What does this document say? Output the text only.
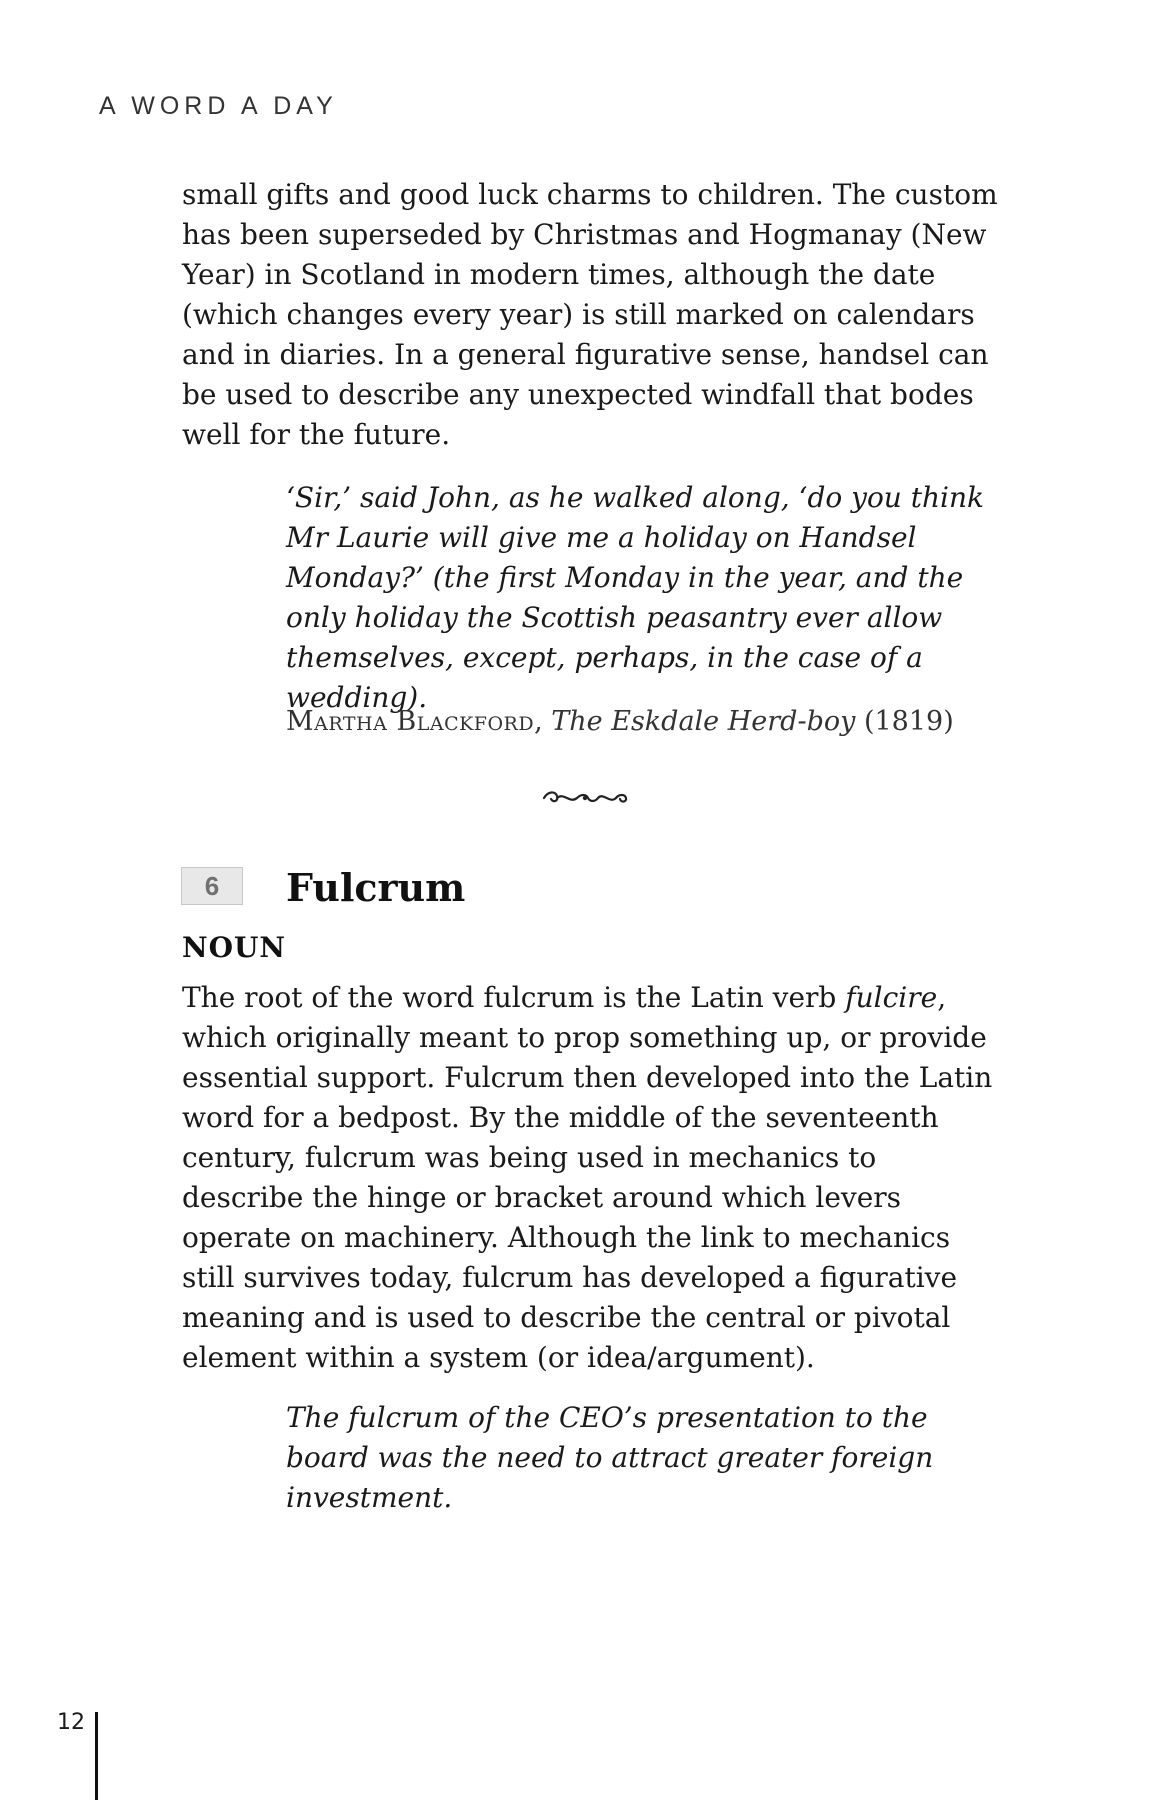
A WORD A DAY

small gifts and good luck charms to children. The custom has been superseded by Christmas and Hogmanay (New Year) in Scotland in modern times, although the date (which changes every year) is still marked on calendars and in diaries. In a general figurative sense, handsel can be used to describe any unexpected windfall that bodes well for the future.

‘Sir,’ said John, as he walked along, ‘do you think Mr Laurie will give me a holiday on Handsel Monday?’ (the first Monday in the year, and the only holiday the Scottish peasantry ever allow themselves, except, perhaps, in the case of a wedding).

Martha Blackford, The Eskdale Herd-boy (1819)

6	Fulcrum
NOUN

The root of the word fulcrum is the Latin verb fulcire, which originally meant to prop something up, or provide essential support. Fulcrum then developed into the Latin word for a bedpost. By the middle of the seventeenth century, fulcrum was being used in mechanics to describe the hinge or bracket around which levers operate on machinery. Although the link to mechanics still survives today, fulcrum has developed a figurative meaning and is used to describe the central or pivotal element within a system (or idea/argument).

The fulcrum of the CEO’s presentation to the board was the need to attract greater foreign investment.

12
